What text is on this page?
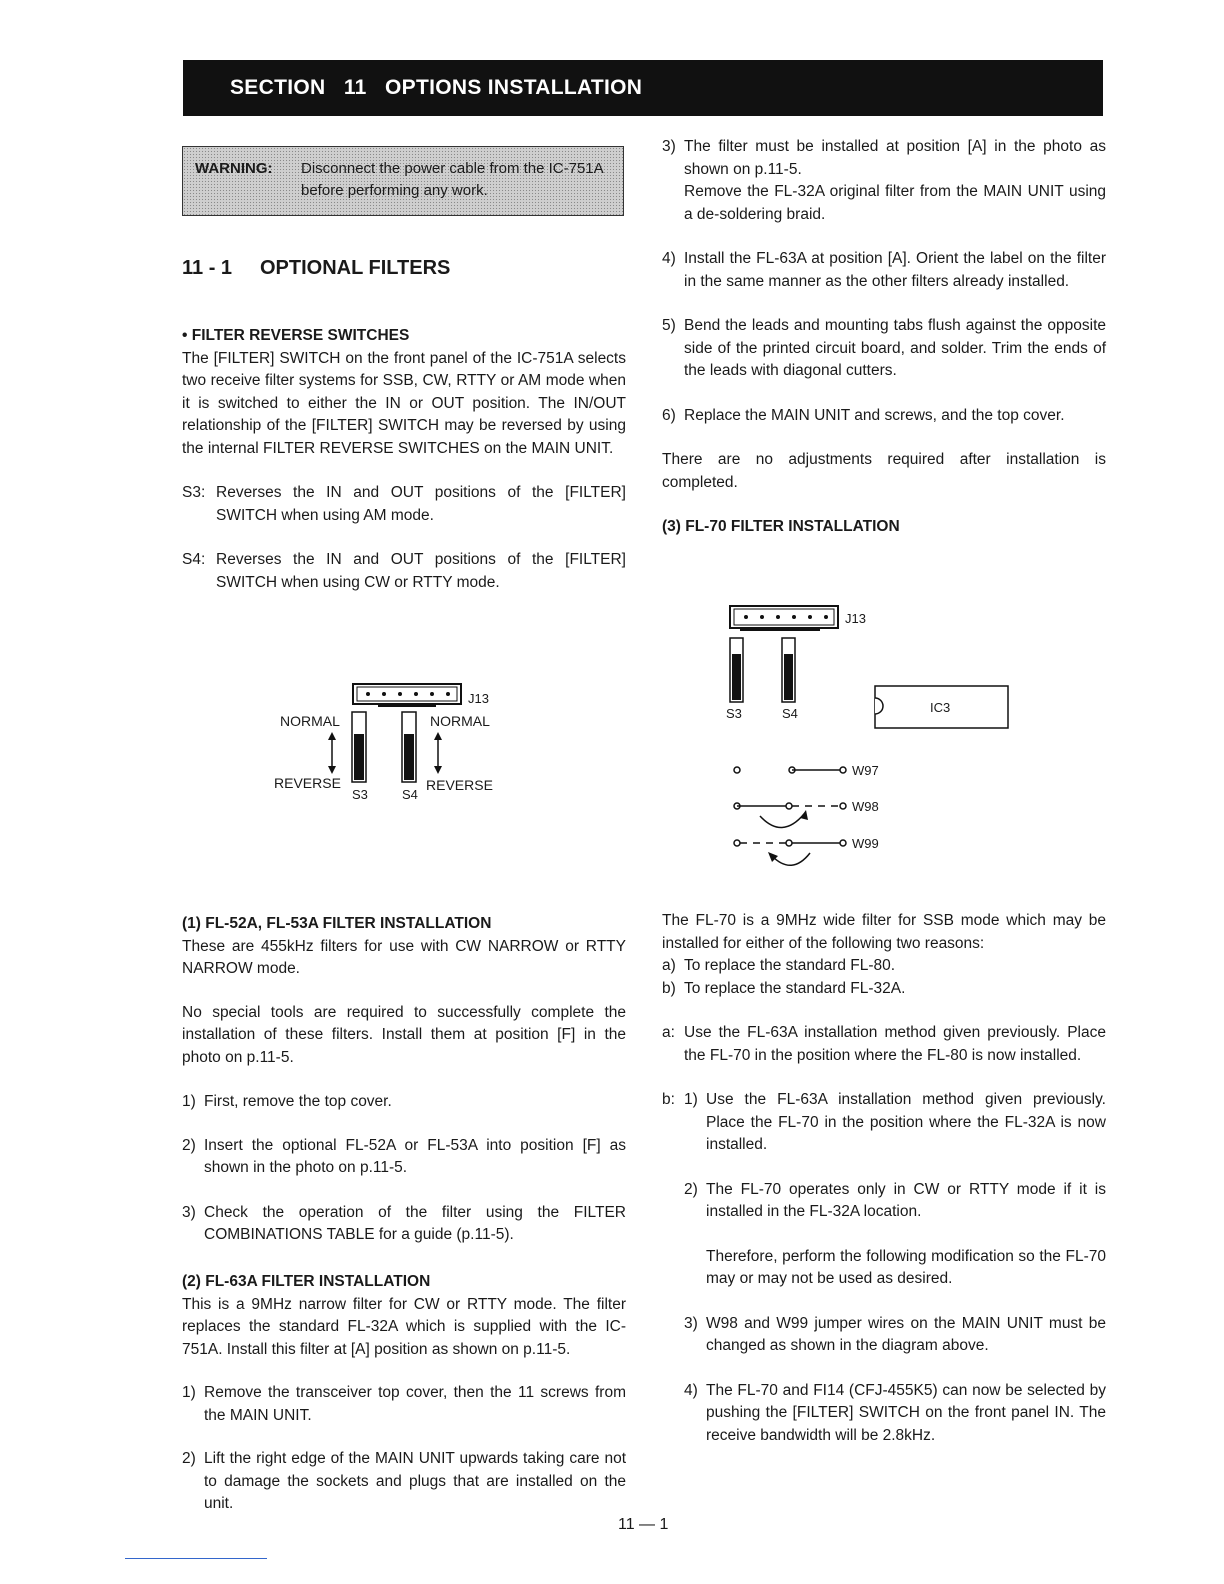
SECTION   11   OPTIONS INSTALLATION
WARNING: Disconnect the power cable from the IC-751A before performing any work.
11 - 1 OPTIONAL FILTERS
• FILTER REVERSE SWITCHES
The [FILTER] SWITCH on the front panel of the IC-751A selects two receive filter systems for SSB, CW, RTTY or AM mode when it is switched to either the IN or OUT position. The IN/OUT relationship of the [FILTER] SWITCH may be reversed by using the internal FILTER REVERSE SWITCHES on the MAIN UNIT.
S3: Reverses the IN and OUT positions of the [FILTER] SWITCH when using AM mode.
S4: Reverses the IN and OUT positions of the [FILTER] SWITCH when using CW or RTTY mode.
J13
NORMAL	NORMAL
REVERSE	REVERSE
S3	S4
(1) FL-52A, FL-53A FILTER INSTALLATION
These are 455kHz filters for use with CW NARROW or RTTY NARROW mode.
No special tools are required to successfully complete the installation of these filters. Install them at position [F] in the photo on p.11-5.
1) First, remove the top cover.
2) Insert the optional FL-52A or FL-53A into position [F] as shown in the photo on p.11-5.
3) Check the operation of the filter using the FILTER COMBINATIONS TABLE for a guide (p.11-5).
(2) FL-63A FILTER INSTALLATION
This is a 9MHz narrow filter for CW or RTTY mode. The filter replaces the standard FL-32A which is supplied with the IC-751A. Install this filter at [A] position as shown on p.11-5.
1) Remove the transceiver top cover, then the 11 screws from the MAIN UNIT.
2) Lift the right edge of the MAIN UNIT upwards taking care not to damage the sockets and plugs that are installed on the unit.
3) The filter must be installed at position [A] in the photo as shown on p.11-5.
Remove the FL-32A original filter from the MAIN UNIT using a de-soldering braid.
4) Install the FL-63A at position [A]. Orient the label on the filter in the same manner as the other filters already installed.
5) Bend the leads and mounting tabs flush against the opposite side of the printed circuit board, and solder. Trim the ends of the leads with diagonal cutters.
6) Replace the MAIN UNIT and screws, and the top cover.
There are no adjustments required after installation is completed.
(3) FL-70 FILTER INSTALLATION
J13
S3	S4	IC3
W97
W98
W99
The FL-70 is a 9MHz wide filter for SSB mode which may be installed for either of the following two reasons:
a) To replace the standard FL-80.
b) To replace the standard FL-32A.
a: Use the FL-63A installation method given previously. Place the FL-70 in the position where the FL-80 is now installed.
b: 1) Use the FL-63A installation method given previously. Place the FL-70 in the position where the FL-32A is now installed.
2) The FL-70 operates only in CW or RTTY mode if it is installed in the FL-32A location.
Therefore, perform the following modification so the FL-70 may or may not be used as desired.
3) W98 and W99 jumper wires on the MAIN UNIT must be changed as shown in the diagram above.
4) The FL-70 and FI14 (CFJ-455K5) can now be selected by pushing the [FILTER] SWITCH on the front panel IN. The receive bandwidth will be 2.8kHz.
11 — 1
